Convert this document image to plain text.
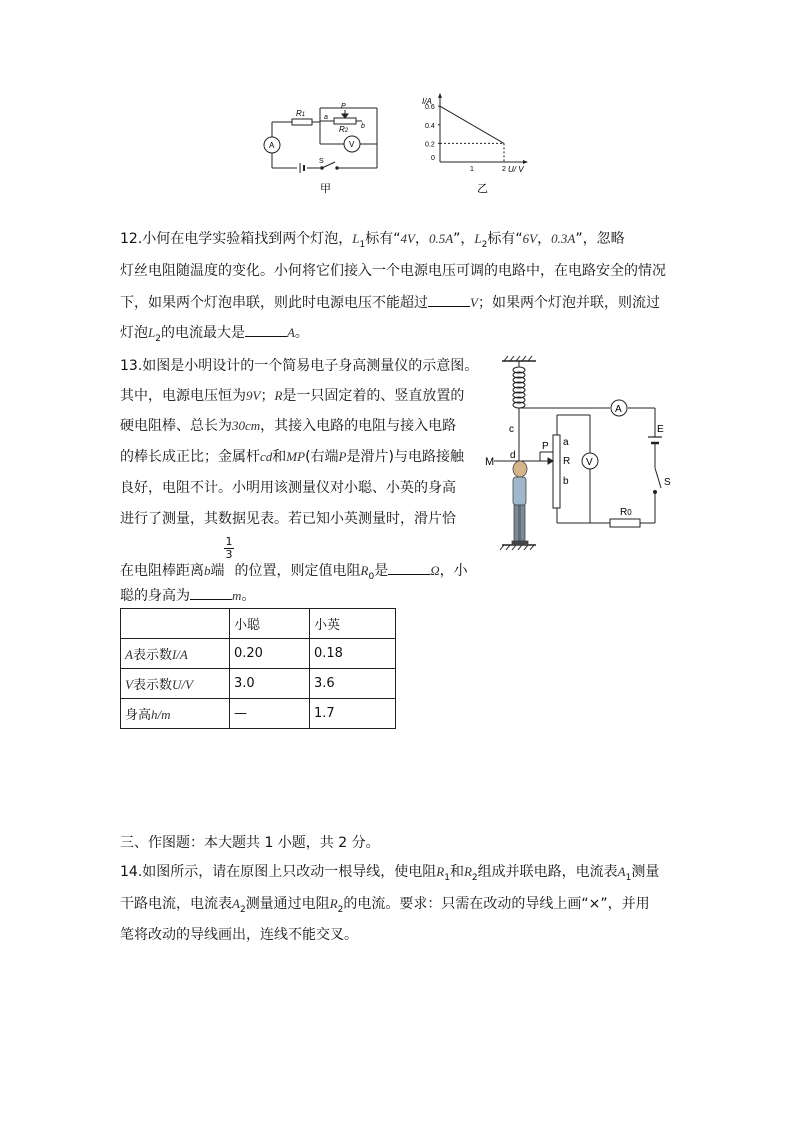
R1
P
a
b
R2
A	V
S
甲
0.6
0.4
0.2
0
1	2
I/A
U/ V
乙
12.小何在电学实验箱找到两个灯泡，$L_1$标有“4V，0.5A”，$L_2$标有“6V，0.3A”，忽略
灯丝电阻随温度的变化。小何将它们接入一个电源电压可调的电路中，在电路安全的情况
下，如果两个灯泡串联，则此时电源电压不能超过	V；如果两个灯泡并联，则流过
灯泡$L_2$的电流最大是	A。
13.如图是小明设计的一个简易电子身高测量仪的示意图。
其中，电源电压恒为9V；R是一只固定着的、竖直放置的
硬电阻棒、总长为30cm，其接入电路的电阻与接入电路
的棒长成正比；金属杆cd和MP(右端P是滑片)与电路接触
良好，电阻不计。小明用该测量仪对小聪、小英的身高
进行了测量，其数据见表。若已知小英测量时，滑片恰
1
3
在电阻棒距离b端 的位置，则定值电阻$R_0$是	Ω，小
聪的身高为	m。
c
d
M
P a
R
b
V
A
E
S
R0
	小聪	小英
A表示数I/A	0.20	0.18
V表示数U/V	3.0	3.6
身高h/m	—	1.7
三、作图题：本大题共 1 小题，共 2 分。
14.如图所示，请在原图上只改动一根导线，使电阻$R_1$和$R_2$组成并联电路，电流表$A_1$测量
干路电流，电流表$A_2$测量通过电阻$R_2$的电流。要求：只需在改动的导线上画“×”，并用
笔将改动的导线画出，连线不能交叉。
